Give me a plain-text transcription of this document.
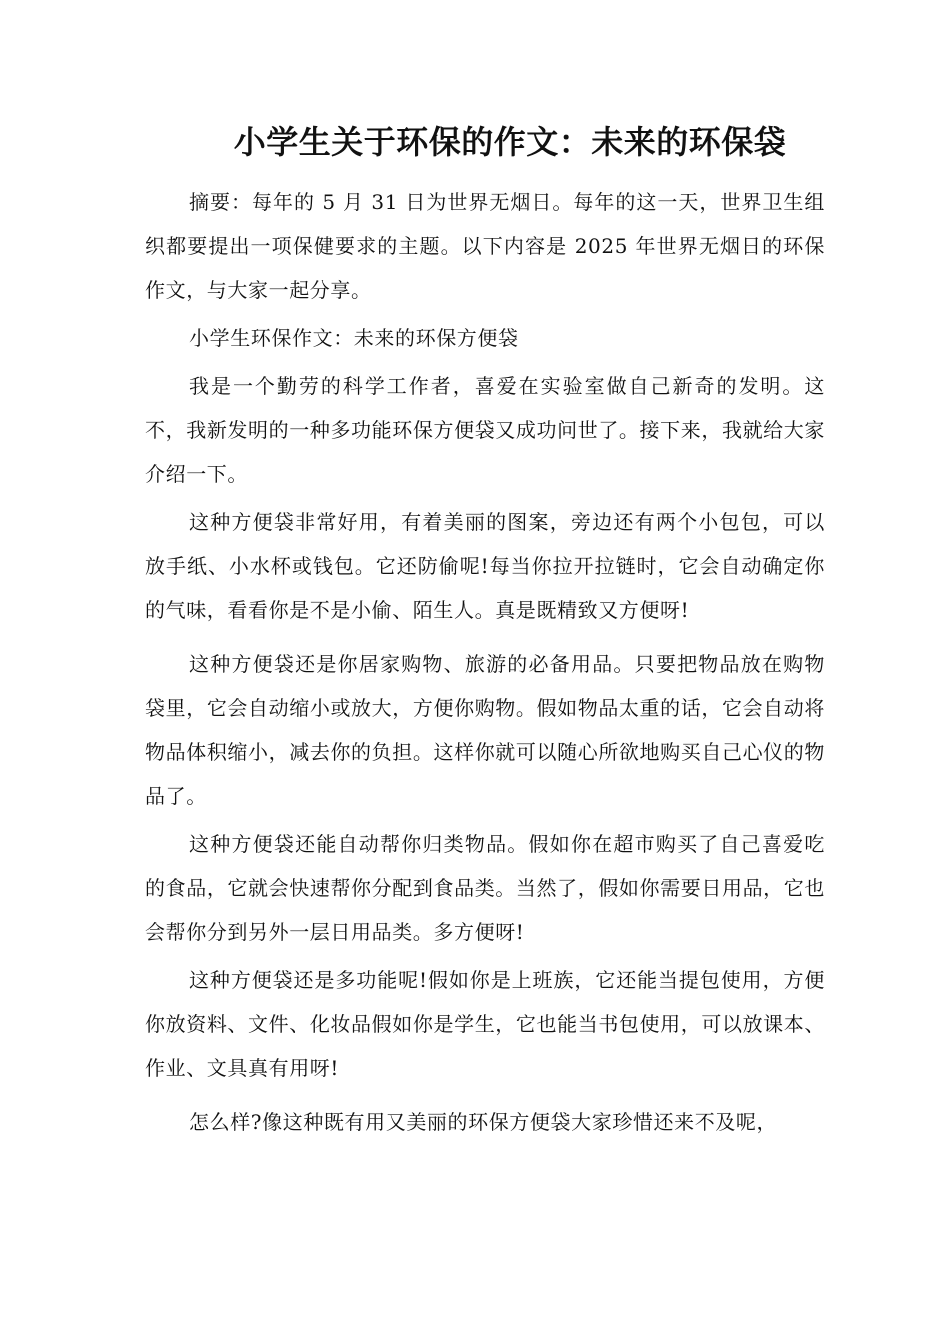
小学生关于环保的作文：未来的环保袋

摘要：每年的 5 月 31 日为世界无烟日。每年的这一天，世界卫生组织都要提出一项保健要求的主题。以下内容是 2025 年世界无烟日的环保作文，与大家一起分享。

小学生环保作文：未来的环保方便袋

我是一个勤劳的科学工作者，喜爱在实验室做自己新奇的发明。这不，我新发明的一种多功能环保方便袋又成功问世了。接下来，我就给大家介绍一下。

这种方便袋非常好用，有着美丽的图案，旁边还有两个小包包，可以放手纸、小水杯或钱包。它还防偷呢!每当你拉开拉链时，它会自动确定你的气味，看看你是不是小偷、陌生人。真是既精致又方便呀!

这种方便袋还是你居家购物、旅游的必备用品。只要把物品放在购物袋里，它会自动缩小或放大，方便你购物。假如物品太重的话，它会自动将物品体积缩小，减去你的负担。这样你就可以随心所欲地购买自己心仪的物品了。

这种方便袋还能自动帮你归类物品。假如你在超市购买了自己喜爱吃的食品，它就会快速帮你分配到食品类。当然了，假如你需要日用品，它也会帮你分到另外一层日用品类。多方便呀!

这种方便袋还是多功能呢!假如你是上班族，它还能当提包使用，方便你放资料、文件、化妆品假如你是学生，它也能当书包使用，可以放课本、作业、文具真有用呀!

怎么样?像这种既有用又美丽的环保方便袋大家珍惜还来不及呢，
